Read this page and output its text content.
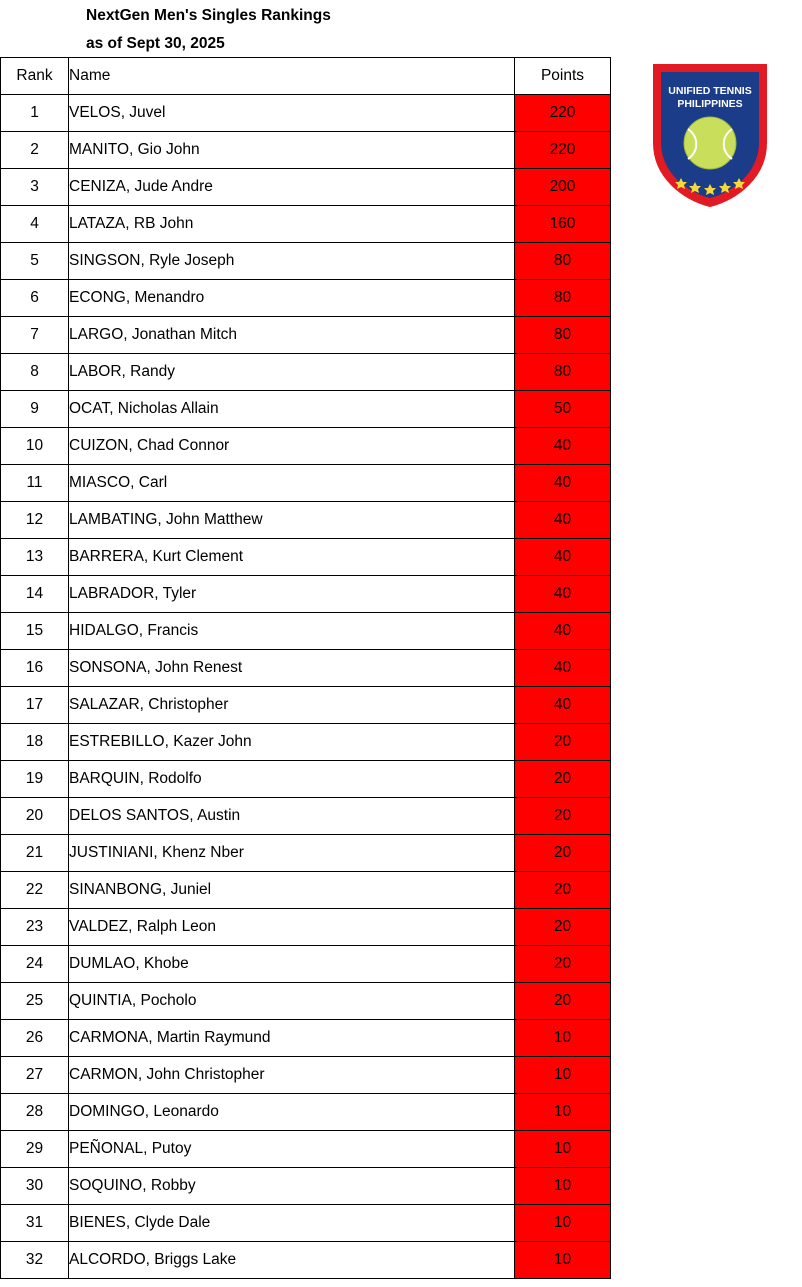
NextGen Men's Singles Rankings
as of Sept 30, 2025
Rank	Name	Points
1	VELOS, Juvel	220
2	MANITO, Gio John	220
3	CENIZA, Jude Andre	200
4	LATAZA, RB John	160
5	SINGSON, Ryle Joseph	80
6	ECONG, Menandro	80
7	LARGO, Jonathan Mitch	80
8	LABOR, Randy	80
9	OCAT, Nicholas Allain	50
10	CUIZON, Chad Connor	40
11	MIASCO, Carl	40
12	LAMBATING, John Matthew	40
13	BARRERA, Kurt Clement	40
14	LABRADOR, Tyler	40
15	HIDALGO, Francis	40
16	SONSONA, John Renest	40
17	SALAZAR, Christopher	40
18	ESTREBILLO, Kazer John	20
19	BARQUIN, Rodolfo	20
20	DELOS SANTOS, Austin	20
21	JUSTINIANI, Khenz Nber	20
22	SINANBONG, Juniel	20
23	VALDEZ, Ralph Leon	20
24	DUMLAO, Khobe	20
25	QUINTIA, Pocholo	20
26	CARMONA, Martin Raymund	10
27	CARMON, John Christopher	10
28	DOMINGO, Leonardo	10
29	PEÑONAL, Putoy	10
30	SOQUINO, Robby	10
31	BIENES, Clyde Dale	10
32	ALCORDO, Briggs Lake	10
UNIFIED TENNIS
PHILIPPINES
